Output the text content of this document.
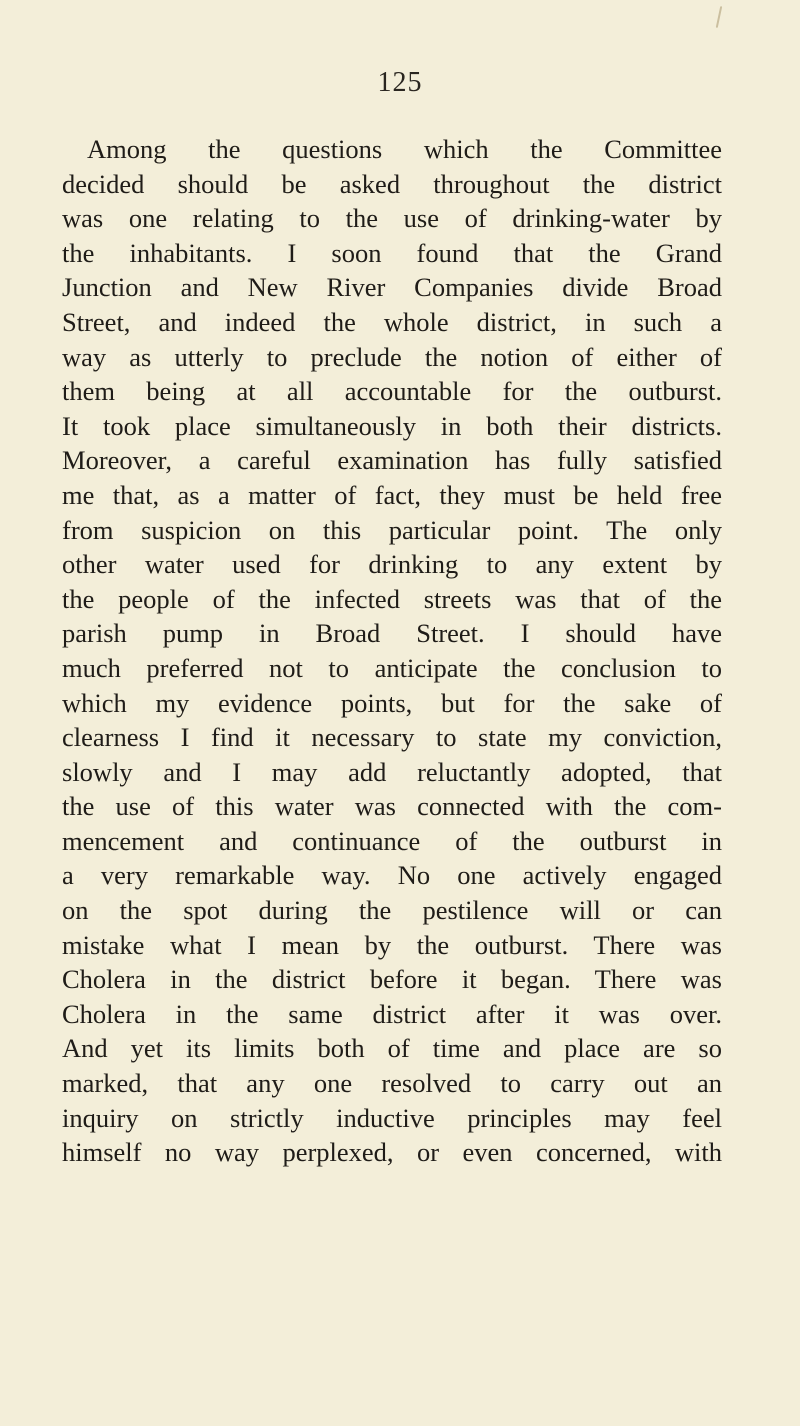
125
Among the questions which the Committee
decided should be asked throughout the district
was one relating to the use of drinking-water by
the inhabitants. I soon found that the Grand
Junction and New River Companies divide Broad
Street, and indeed the whole district, in such a
way as utterly to preclude the notion of either of
them being at all accountable for the outburst.
It took place simultaneously in both their districts.
Moreover, a careful examination has fully satisfied
me that, as a matter of fact, they must be held free
from suspicion on this particular point. The only
other water used for drinking to any extent by
the people of the infected streets was that of the
parish pump in Broad Street. I should have
much preferred not to anticipate the conclusion to
which my evidence points, but for the sake of
clearness I find it necessary to state my conviction,
slowly and I may add reluctantly adopted, that
the use of this water was connected with the com-
mencement and continuance of the outburst in
a very remarkable way. No one actively engaged
on the spot during the pestilence will or can
mistake what I mean by the outburst. There was
Cholera in the district before it began. There was
Cholera in the same district after it was over.
And yet its limits both of time and place are so
marked, that any one resolved to carry out an
inquiry on strictly inductive principles may feel
himself no way perplexed, or even concerned, with
